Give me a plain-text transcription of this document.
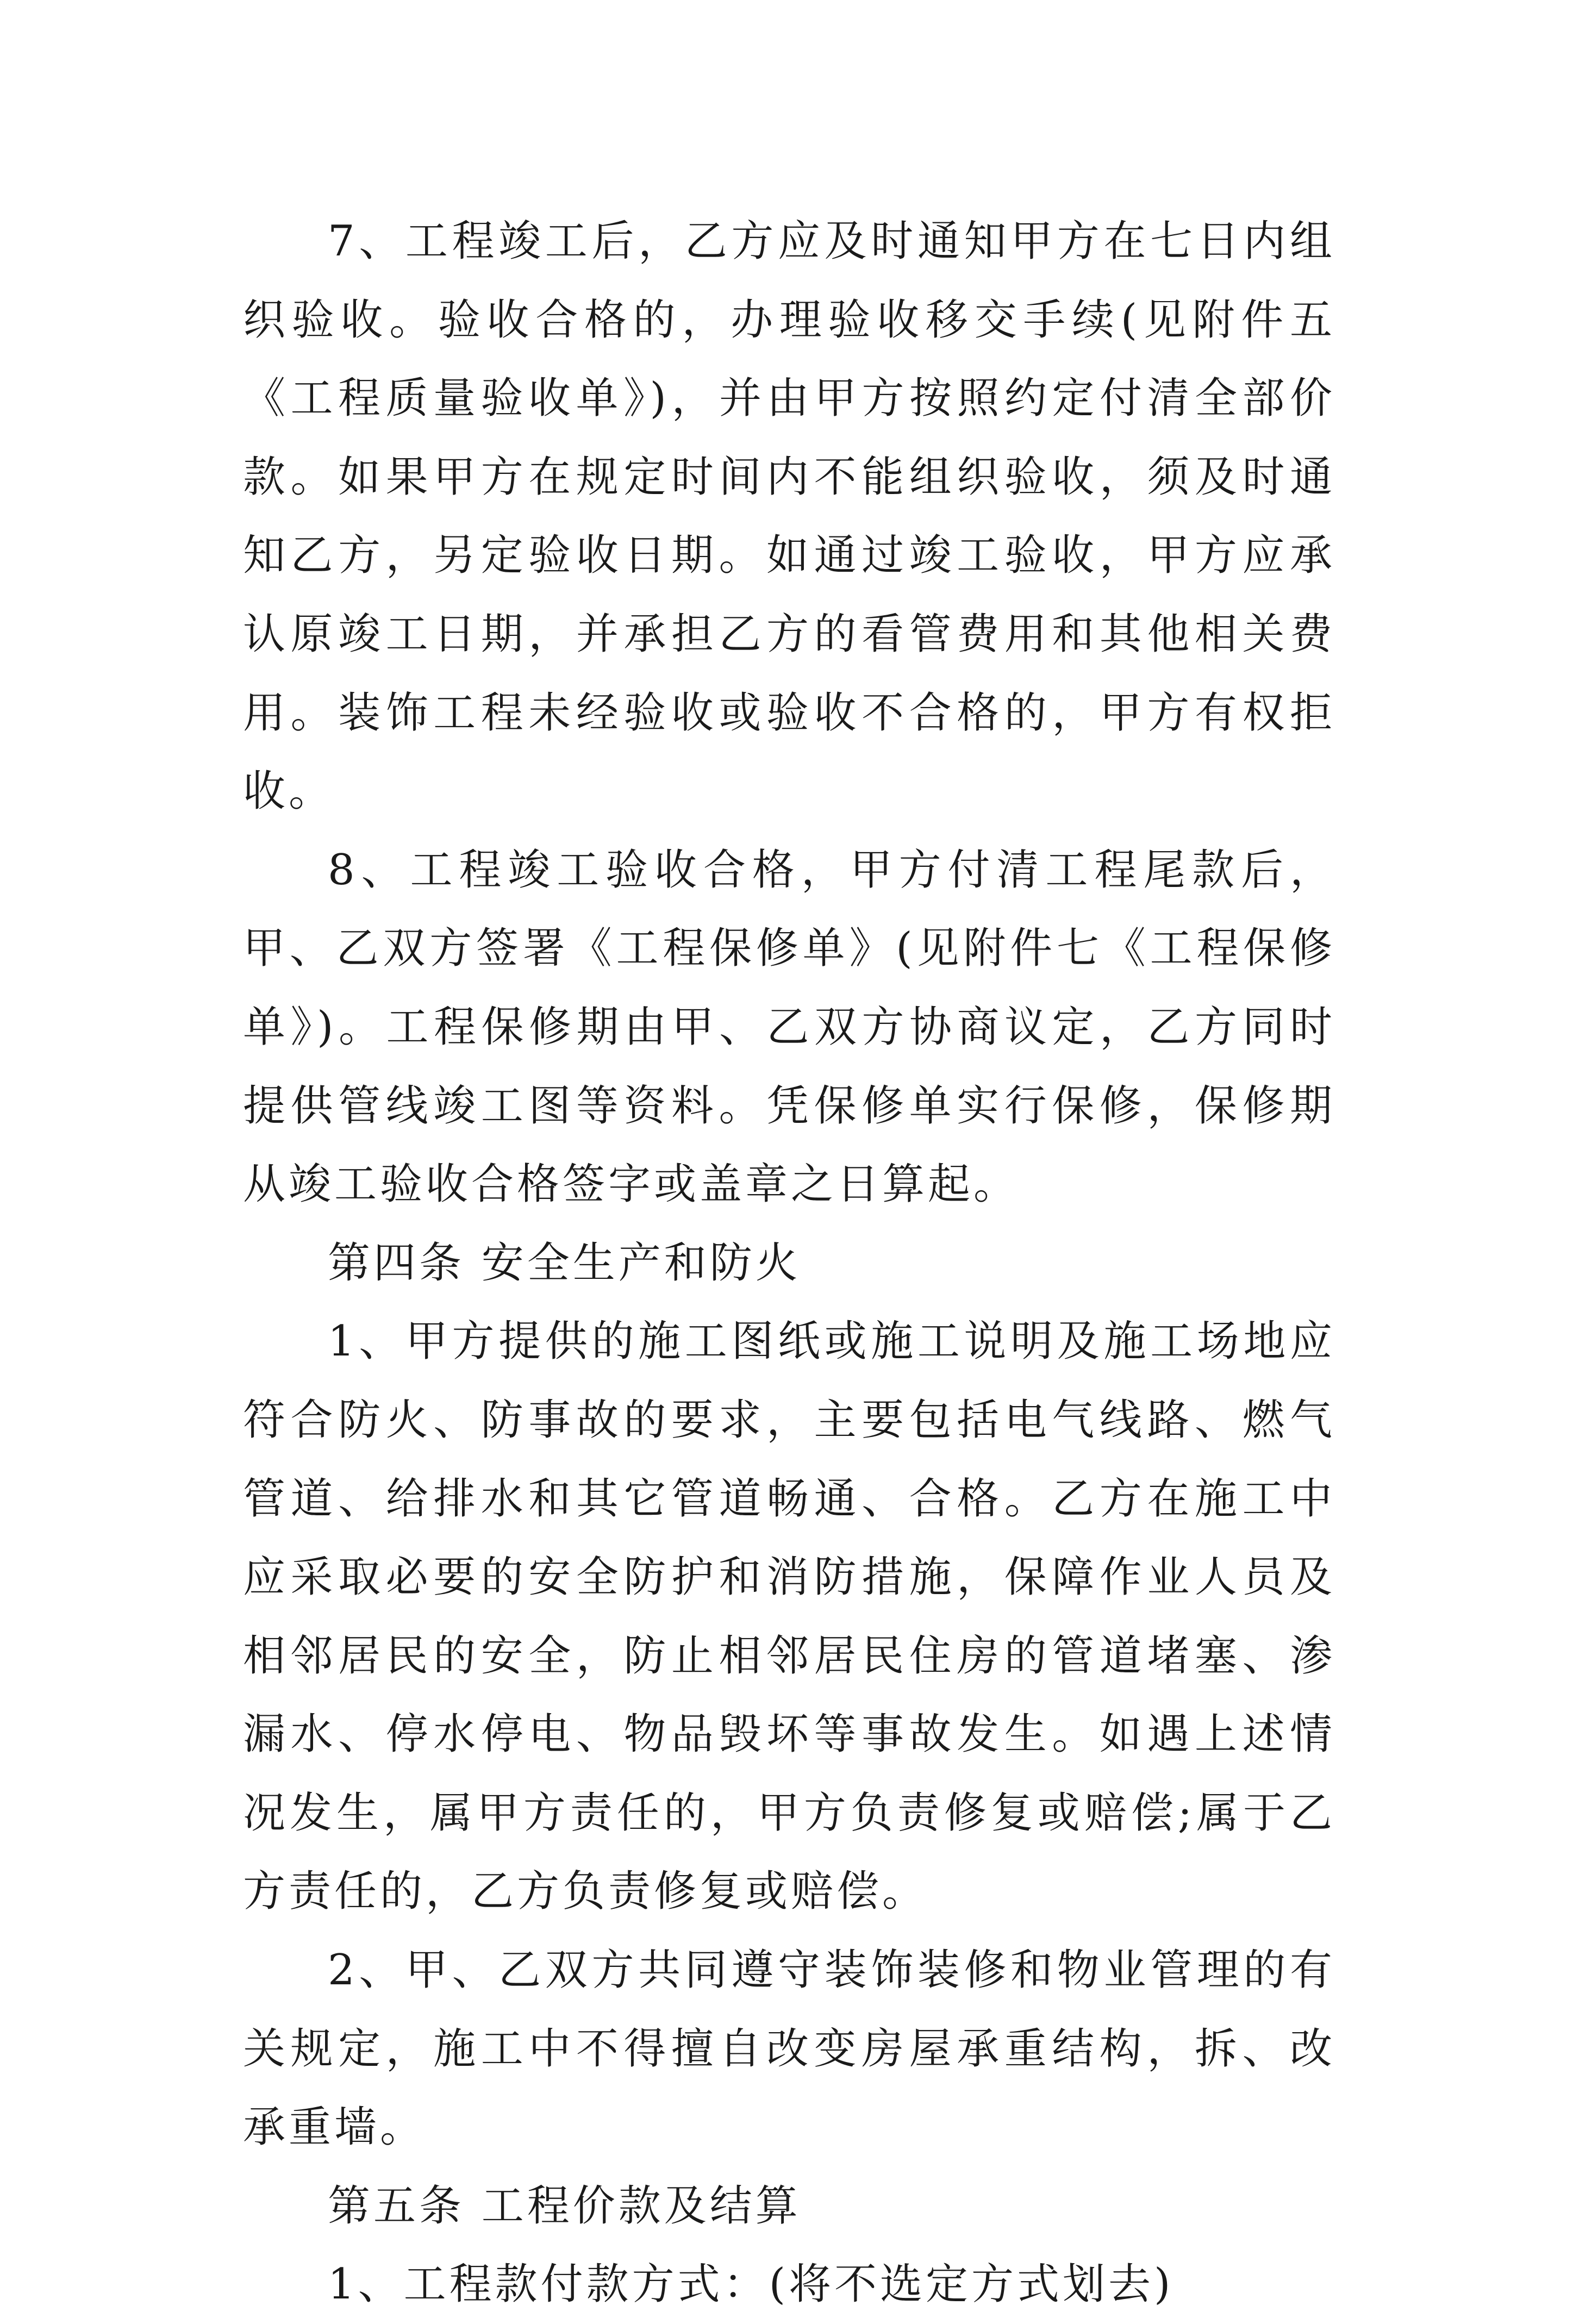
7、工程竣工后，乙方应及时通知甲方在七日内组织验收。验收合格的，办理验收移交手续(见附件五《工程质量验收单》)，并由甲方按照约定付清全部价款。如果甲方在规定时间内不能组织验收，须及时通知乙方，另定验收日期。如通过竣工验收，甲方应承认原竣工日期，并承担乙方的看管费用和其他相关费用。装饰工程未经验收或验收不合格的，甲方有权拒收。

8、工程竣工验收合格，甲方付清工程尾款后，甲、乙双方签署《工程保修单》(见附件七《工程保修单》)。工程保修期由甲、乙双方协商议定，乙方同时提供管线竣工图等资料。凭保修单实行保修，保修期从竣工验收合格签字或盖章之日算起。

第四条 安全生产和防火

1、甲方提供的施工图纸或施工说明及施工场地应符合防火、防事故的要求，主要包括电气线路、燃气管道、给排水和其它管道畅通、合格。乙方在施工中应采取必要的安全防护和消防措施，保障作业人员及相邻居民的安全，防止相邻居民住房的管道堵塞、渗漏水、停水停电、物品毁坏等事故发生。如遇上述情况发生，属甲方责任的，甲方负责修复或赔偿;属于乙方责任的，乙方负责修复或赔偿。

2、甲、乙双方共同遵守装饰装修和物业管理的有关规定，施工中不得擅自改变房屋承重结构，拆、改承重墙。

第五条 工程价款及结算

1、工程款付款方式：(将不选定方式划去)
